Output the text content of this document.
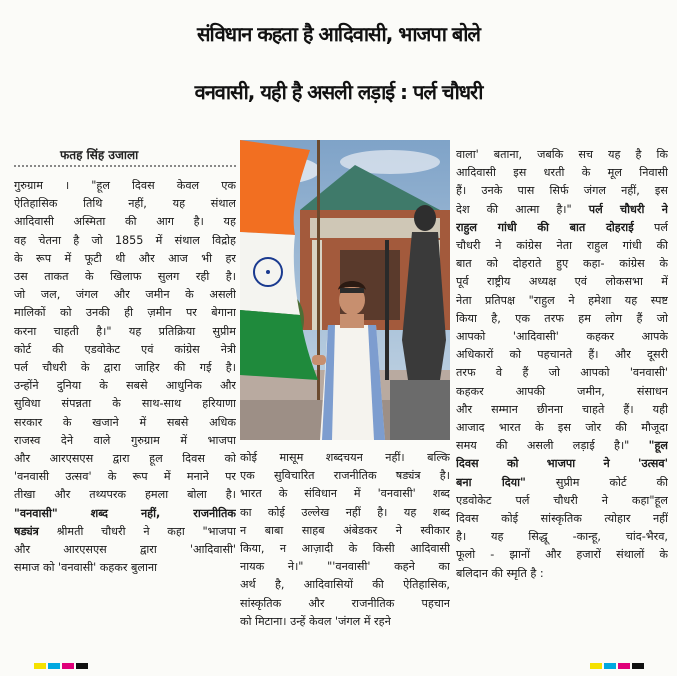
संविधान कहता है आदिवासी, भाजपा बोले
वनवासी, यही है असली लड़ाई : पर्ल चौधरी
फतह सिंह उजाला
गुरुग्राम । "हूल दिवस केवल एक
ऐतिहासिक तिथि नहीं, यह संथाल
आदिवासी अस्मिता की आग है। यह
वह चेतना है जो 1855 में संथाल विद्रोह
के रूप में फूटी थी और आज भी हर
उस ताकत के खिलाफ सुलग रही है।
जो जल, जंगल और जमीन के असली
मालिकों को उनकी ही ज़मीन पर बेगाना
करना चाहती है।" यह प्रतिक्रिया सुप्रीम
कोर्ट की एडवोकेट एवं कांग्रेस नेत्री
पर्ल चौधरी के द्वारा जाहिर की गई है।
उन्होंने दुनिया के सबसे आधुनिक और
सुविधा संपन्नता के साथ-साथ हरियाणा
सरकार के खजाने में सबसे अधिक
राजस्व देने वाले गुरुग्राम में भाजपा
और आरएसएस द्वारा हूल दिवस को
'वनवासी उत्सव' के रूप में मनाने पर
तीखा और तथ्यपरक हमला बोला है।
"वनवासी" शब्द नहीं, राजनीतिक
षड्यंत्र श्रीमती चौधरी ने कहा "भाजपा
और आरएसएस द्वारा 'आदिवासी'
समाज को 'वनवासी' कहकर बुलाना
कोई मासूम शब्दचयन नहीं। बल्कि
एक सुविचारित राजनीतिक षड्यंत्र है।
भारत के संविधान में 'वनवासी' शब्द
का कोई उल्लेख नहीं है। यह शब्द
न बाबा साहब अंबेडकर ने स्वीकार
किया, न आज़ादी के किसी आदिवासी
नायक ने।" "'वनवासी' कहने का
अर्थ है, आदिवासियों की ऐतिहासिक,
सांस्कृतिक और राजनीतिक पहचान
को मिटाना। उन्हें केवल 'जंगल में रहने
वाला' बताना, जबकि सच यह है कि
आदिवासी इस धरती के मूल निवासी
हैं। उनके पास सिर्फ जंगल नहीं, इस
देश की आत्मा है।" पर्ल चौधरी ने
राहुल गांधी की बात दोहराई पर्ल
चौधरी ने कांग्रेस नेता राहुल गांधी की
बात को दोहराते हुए कहा- कांग्रेस के
पूर्व राष्ट्रीय अध्यक्ष एवं लोकसभा में
नेता प्रतिपक्ष "राहुल ने हमेशा यह स्पष्ट
किया है, एक तरफ हम लोग हैं जो
आपको 'आदिवासी' कहकर आपके
अधिकारों को पहचानते हैं। और दूसरी
तरफ वे हैं जो आपको 'वनवासी'
कहकर आपकी जमीन, संसाधन
और सम्मान छीनना चाहते हैं। यही
आजाद भारत के इस जोर की मौजूदा
समय की असली लड़ाई है।" "हूल
दिवस को भाजपा ने 'उत्सव'
बना दिया" सुप्रीम कोर्ट की
एडवोकेट पर्ल चौधरी ने कहा"हूल
दिवस कोई सांस्कृतिक त्योहार नहीं
है। यह सिद्धू -कान्हू, चांद-भैरव,
फूलो - झानों और हजारों संथालों के
बलिदान की स्मृति है :
